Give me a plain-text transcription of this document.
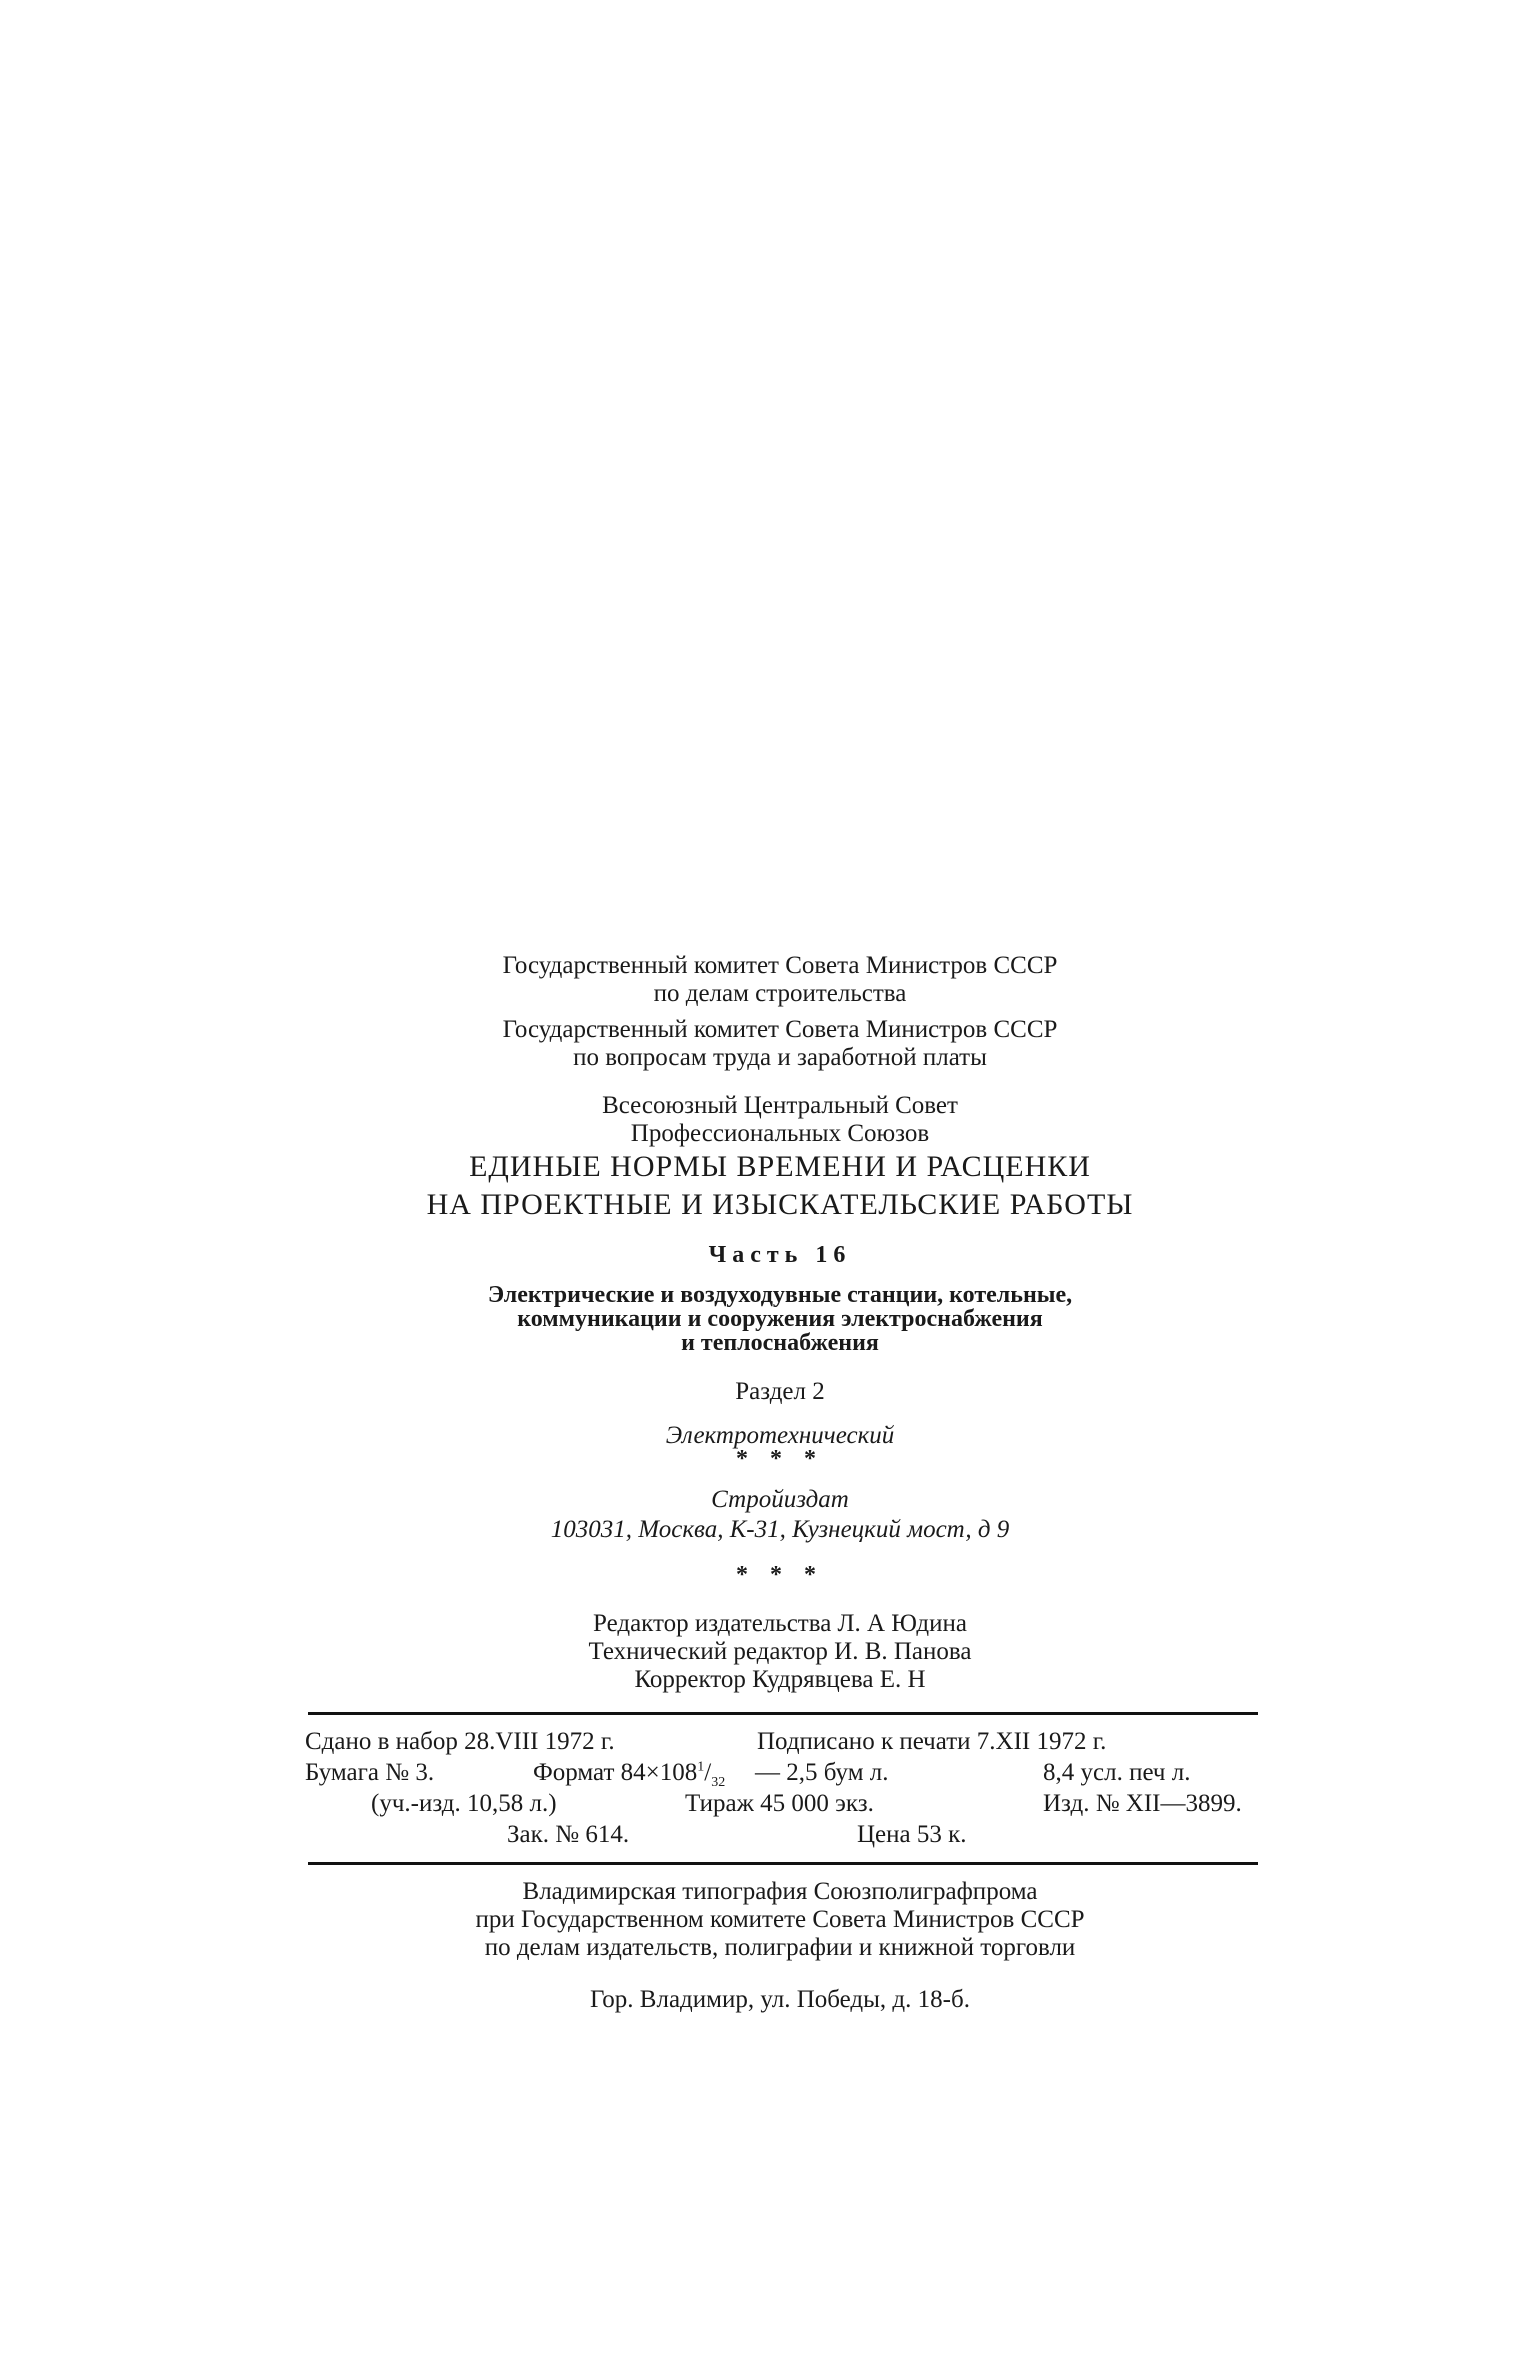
Государственный комитет Совета Министров СССР
по делам строительства
Государственный комитет Совета Министров СССР
по вопросам труда и заработной платы
Всесоюзный Центральный Совет
Профессиональных Союзов
ЕДИНЫЕ НОРМЫ ВРЕМЕНИ И РАСЦЕНКИ
НА ПРОЕКТНЫЕ И ИЗЫСКАТЕЛЬСКИЕ РАБОТЫ
Часть 16
Электрические и воздуходувные станции, котельные,
коммуникации и сооружения электроснабжения
и теплоснабжения
Раздел 2
Электротехнический
* * *
Стройиздат
103031, Москва, К-31, Кузнецкий мост, д 9
* * *
Редактор издательства Л. А Юдина
Технический редактор И. В. Панова
Корректор Кудрявцева Е. Н
Сдано в набор 28.VIII 1972 г.	Подписано к печати 7.XII 1972 г.
Бумага № 3.	Формат $84\times 108^1/_{32}$ — 2,5 бум л.	8,4 усл. печ л.
(уч.-изд. 10,58 л.)	Тираж 45 000 экз.	Изд. № XII—3899.
Зак. № 614.	Цена 53 к.
Владимирская типография Союзполиграфпрома
при Государственном комитете Совета Министров СССР
по делам издательств, полиграфии и книжной торговли
Гор. Владимир, ул. Победы, д. 18-б.
